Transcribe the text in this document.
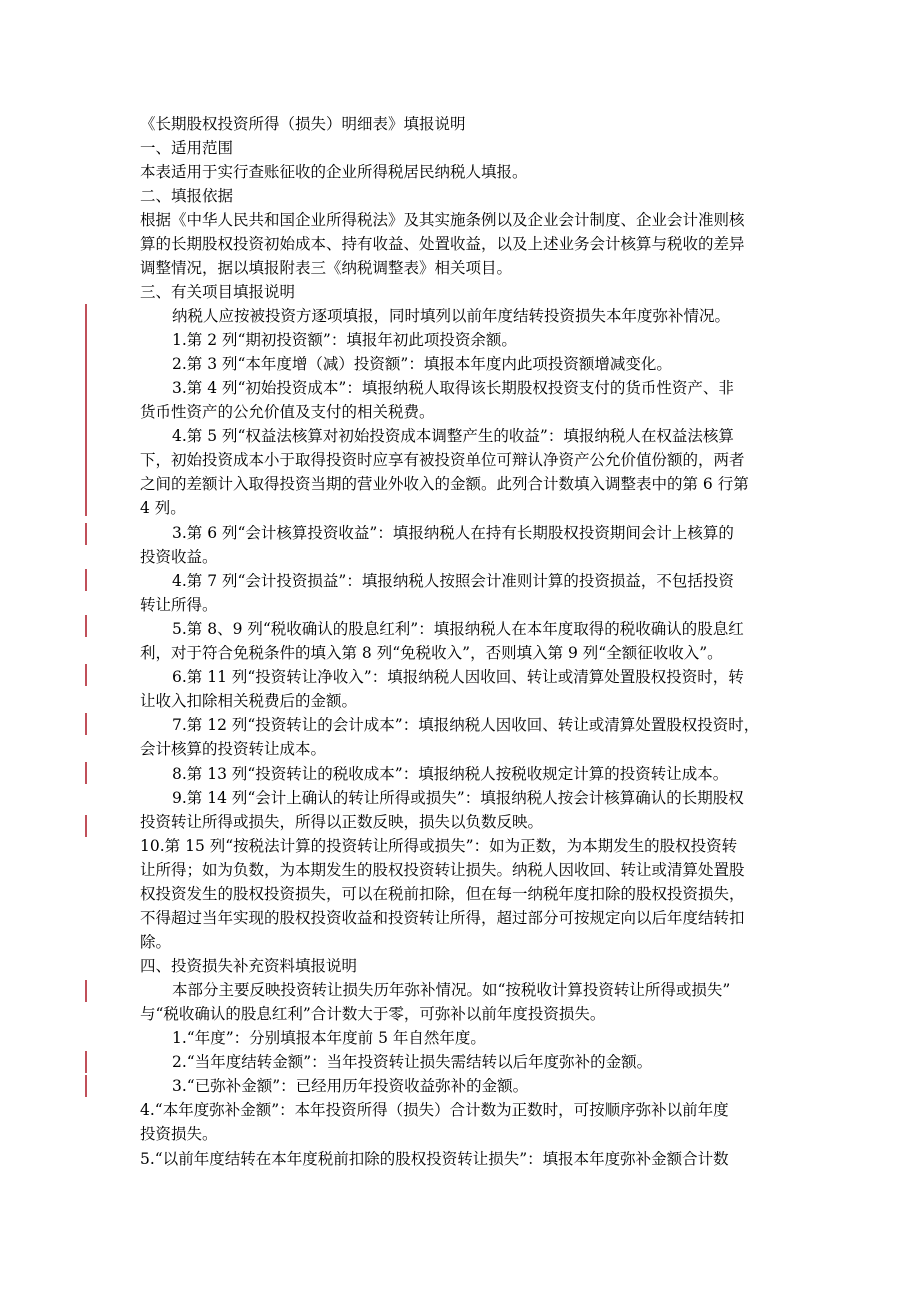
《长期股权投资所得（损失）明细表》填报说明
一、适用范围
本表适用于实行查账征收的企业所得税居民纳税人填报。
二、填报依据
根据《中华人民共和国企业所得税法》及其实施条例以及企业会计制度、企业会计准则核
算的长期股权投资初始成本、持有收益、处置收益，以及上述业务会计核算与税收的差异
调整情况，据以填报附表三《纳税调整表》相关项目。
三、有关项目填报说明
纳税人应按被投资方逐项填报，同时填列以前年度结转投资损失本年度弥补情况。
1.第 2 列“期初投资额”：填报年初此项投资余额。
2.第 3 列“本年度增（减）投资额”：填报本年度内此项投资额增减变化。
3.第 4 列“初始投资成本”：填报纳税人取得该长期股权投资支付的货币性资产、非
货币性资产的公允价值及支付的相关税费。
4.第 5 列“权益法核算对初始投资成本调整产生的收益”：填报纳税人在权益法核算
下，初始投资成本小于取得投资时应享有被投资单位可辩认净资产公允价值份额的，两者
之间的差额计入取得投资当期的营业外收入的金额。此列合计数填入调整表中的第 6 行第
4 列。
3.第 6 列“会计核算投资收益”：填报纳税人在持有长期股权投资期间会计上核算的
投资收益。
4.第 7 列“会计投资损益”：填报纳税人按照会计准则计算的投资损益，不包括投资
转让所得。
5.第 8、9 列“税收确认的股息红利”：填报纳税人在本年度取得的税收确认的股息红
利，对于符合免税条件的填入第 8 列“免税收入”，否则填入第 9 列“全额征收收入”。
6.第 11 列“投资转让净收入”：填报纳税人因收回、转让或清算处置股权投资时，转
让收入扣除相关税费后的金额。
7.第 12 列“投资转让的会计成本”：填报纳税人因收回、转让或清算处置股权投资时，
会计核算的投资转让成本。
8.第 13 列“投资转让的税收成本”：填报纳税人按税收规定计算的投资转让成本。
9.第 14 列“会计上确认的转让所得或损失”：填报纳税人按会计核算确认的长期股权
投资转让所得或损失，所得以正数反映，损失以负数反映。
10.第 15 列“按税法计算的投资转让所得或损失”：如为正数，为本期发生的股权投资转
让所得；如为负数，为本期发生的股权投资转让损失。纳税人因收回、转让或清算处置股
权投资发生的股权投资损失，可以在税前扣除，但在每一纳税年度扣除的股权投资损失，
不得超过当年实现的股权投资收益和投资转让所得，超过部分可按规定向以后年度结转扣
除。
四、投资损失补充资料填报说明
本部分主要反映投资转让损失历年弥补情况。如“按税收计算投资转让所得或损失”
与“税收确认的股息红利”合计数大于零，可弥补以前年度投资损失。
1.“年度”：分别填报本年度前 5 年自然年度。
2.“当年度结转金额”：当年投资转让损失需结转以后年度弥补的金额。
3.“已弥补金额”：已经用历年投资收益弥补的金额。
4.“本年度弥补金额”：本年投资所得（损失）合计数为正数时，可按顺序弥补以前年度
投资损失。
5.“以前年度结转在本年度税前扣除的股权投资转让损失”：填报本年度弥补金额合计数
